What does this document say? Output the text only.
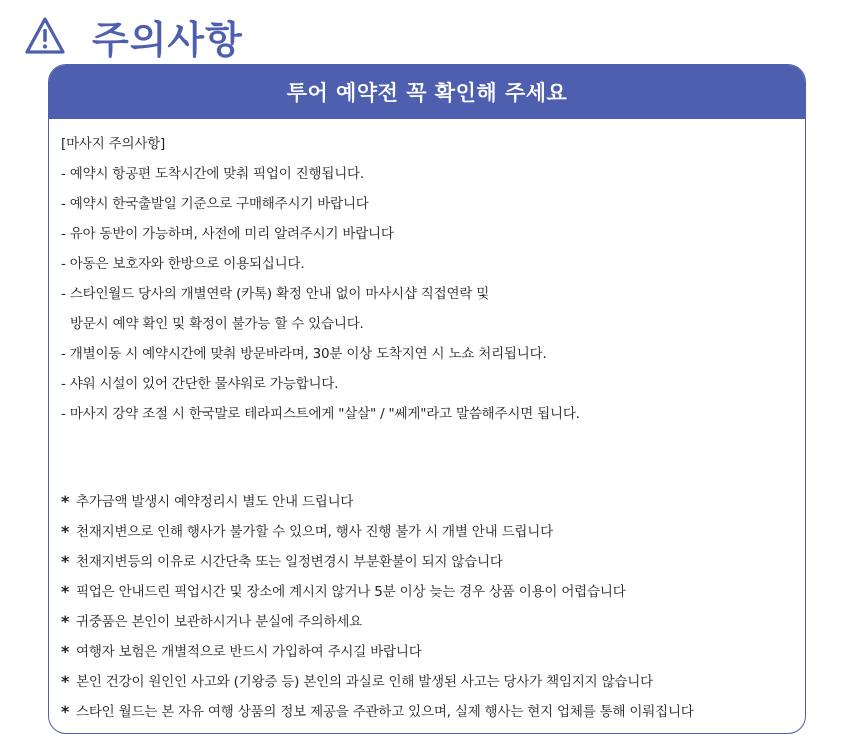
주의사항
투어 예약전 꼭 확인해 주세요
[마사지 주의사항]
- 예약시 항공편 도착시간에 맞춰 픽업이 진행됩니다.
- 예약시 한국출발일 기준으로 구매해주시기 바랍니다
- 유아 동반이 가능하며, 사전에 미리 알려주시기 바랍니다
- 아동은 보호자와 한방으로 이용되십니다.
- 스타인월드 당사의 개별연락 (카톡) 확정 안내 없이 마사시샵 직접연락 및
방문시 예약 확인 및 확정이 불가능 할 수 있습니다.
- 개별이동 시 예약시간에 맞춰 방문바라며, 30분 이상 도착지연 시 노쇼 처리됩니다.
- 샤워 시설이 있어 간단한 물샤워로 가능합니다.
- 마사지 강약 조절 시 한국말로 테라피스트에게 "살살" / "쎄게"라고 말씀해주시면 됩니다.
* 추가금액 발생시 예약정리시 별도 안내 드립니다
* 천재지변으로 인해 행사가 불가할 수 있으며, 행사 진행 불가 시 개별 안내 드립니다
* 천재지변등의 이유로 시간단축 또는 일정변경시 부분환불이 되지 않습니다
* 픽업은 안내드린 픽업시간 및 장소에 계시지 않거나 5분 이상 늦는 경우 상품 이용이 어렵습니다
* 귀중품은 본인이 보관하시거나 분실에 주의하세요
* 여행자 보험은 개별적으로 반드시 가입하여 주시길 바랍니다
* 본인 건강이 원인인 사고와 (기왕증 등) 본인의 과실로 인해 발생된 사고는 당사가 책임지지 않습니다
* 스타인 월드는 본 자유 여행 상품의 정보 제공을 주관하고 있으며, 실제 행사는 현지 업체를 통해 이뤄집니다
